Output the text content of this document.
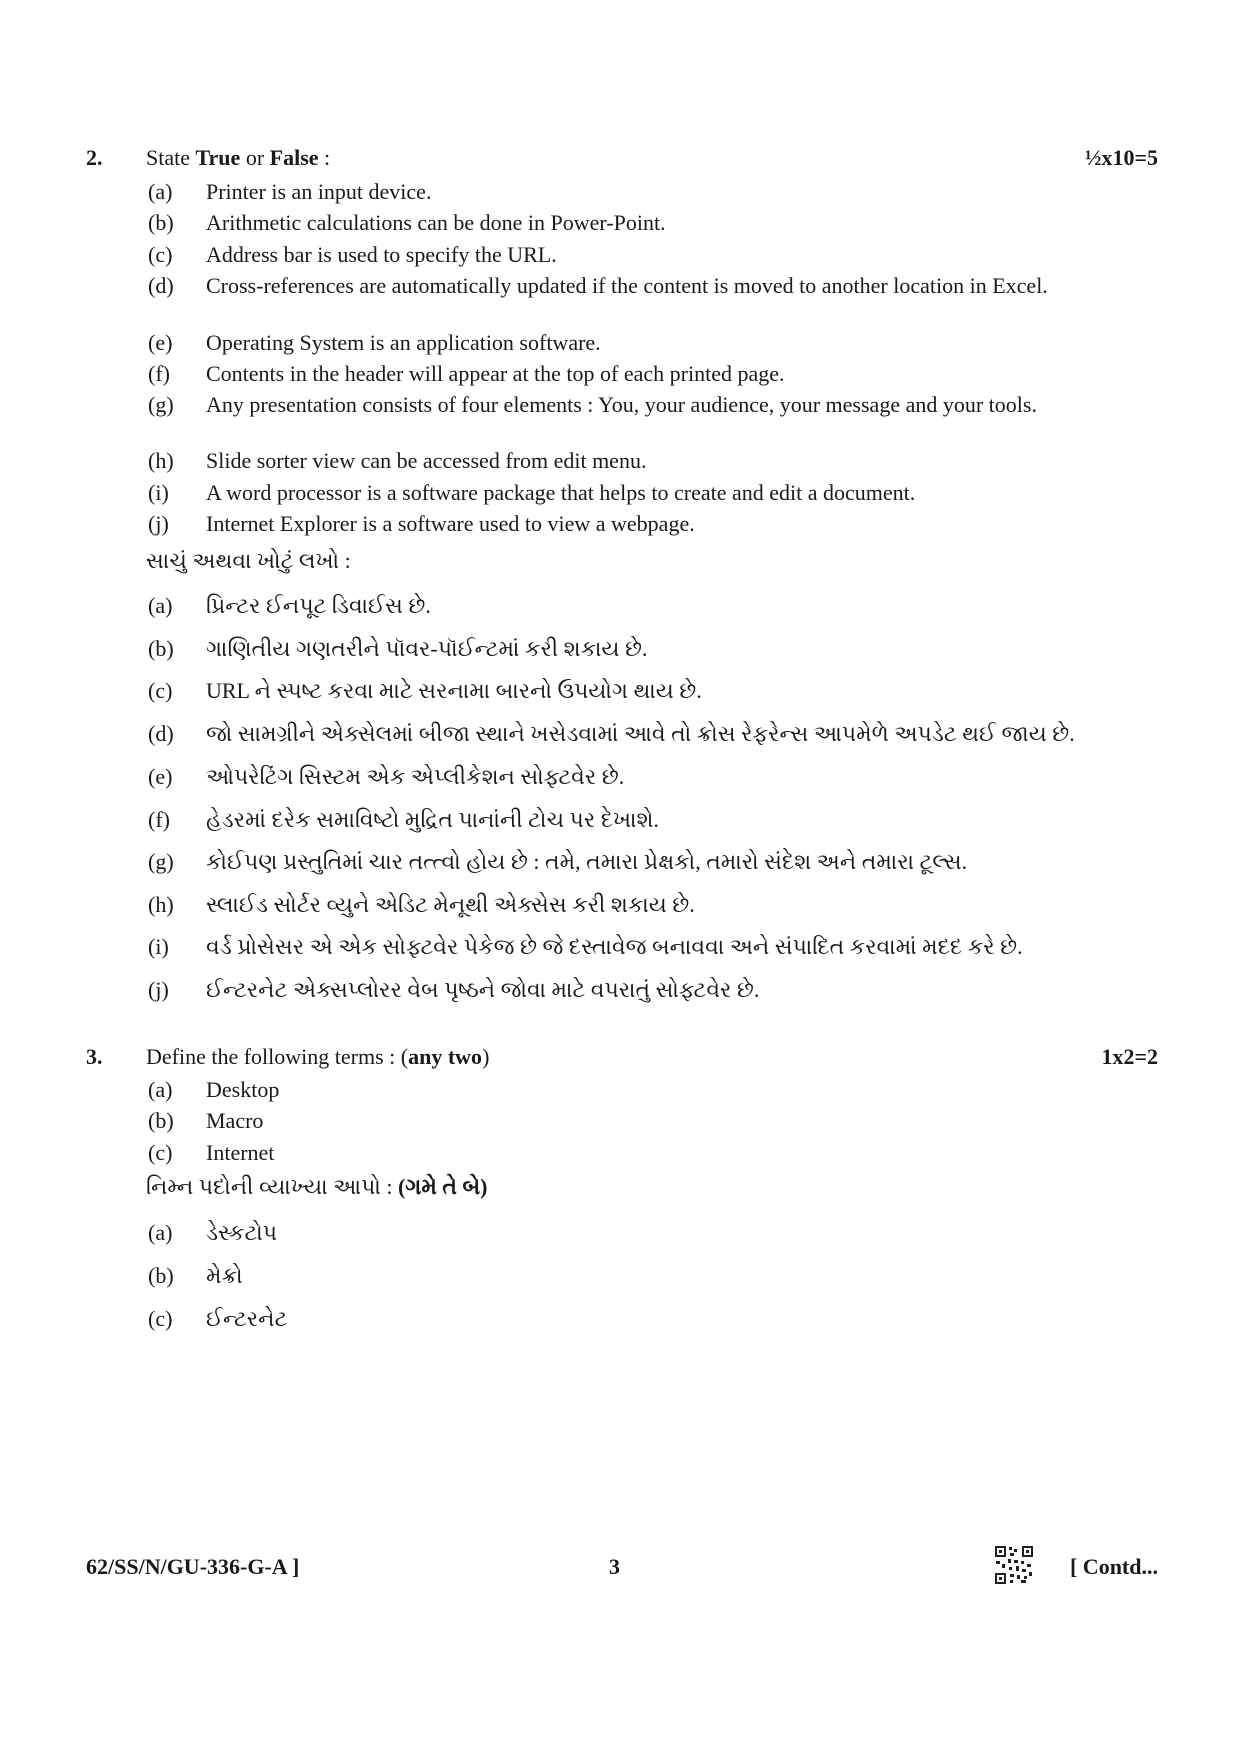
2. State True or False :	½x10=5
(a)	Printer is an input device.
(b)	Arithmetic calculations can be done in Power-Point.
(c)	Address bar is used to specify the URL.
(d)	Cross-references are automatically updated if the content is moved to another location in Excel.
(e)	Operating System is an application software.
(f)	Contents in the header will appear at the top of each printed page.
(g)	Any presentation consists of four elements : You, your audience, your message and your tools.
(h)	Slide sorter view can be accessed from edit menu.
(i)	A word processor is a software package that helps to create and edit a document.
(j)	Internet Explorer is a software used to view a webpage.
સાચું અથવા ખોટું લખો :
(a)	પ્રિન્ટર ઈનપૂટ ડિવાઈસ છે.
(b)	ગાણિતીય ગણતરીને પૉવર-પૉઈન્ટમાં કરી શકાય છે.
(c)	URL ને સ્પષ્ટ કરવા માટે સરનામા બારનો ઉપયોગ થાય છે.
(d)	જો સામગ્રીને એક્સેલમાં બીજા સ્થાને ખસેડવામાં આવે તો ક્રોસ રેફરેન્સ આપમેળે અપડેટ થઈ જાય છે.
(e)	ઓપરેટિંગ સિસ્ટમ એક એપ્લીકેશન સોફ્ટવેર છે.
(f)	હેડરમાં દરેક સમાવિષ્ટો મુદ્રિત પાનાંની ટોચ પર દેખાશે.
(g)	કોઈપણ પ્રસ્તુતિમાં ચાર તત્ત્વો હોય છે : તમે, તમારા પ્રેક્ષકો, તમારો સંદેશ અને તમારા ટૂલ્સ.
(h)	સ્લાઈડ સોર્ટર વ્યુને એડિટ મેનૂથી એક્સેસ કરી શકાય છે.
(i)	વર્ડ પ્રોસેસર એ એક સોફ્ટવેર પેકેજ છે જે દસ્તાવેજ બનાવવા અને સંપાદિત કરવામાં મદદ કરે છે.
(j)	ઈન્ટરનેટ એક્સપ્લોરર વેબ પૃષ્ઠને જોવા માટે વપરાતું સોફ્ટવેર છે.
3. Define the following terms : (any two)	1x2=2
(a)	Desktop
(b)	Macro
(c)	Internet
નિમ્ન પદોની વ્યાખ્યા આપો : (ગમે તે બે)
(a)	ડેસ્કટોપ
(b)	મેક્રો
(c)	ઈન્ટરનેટ
62/SS/N/GU-336-G-A ]	3	[ Contd...
